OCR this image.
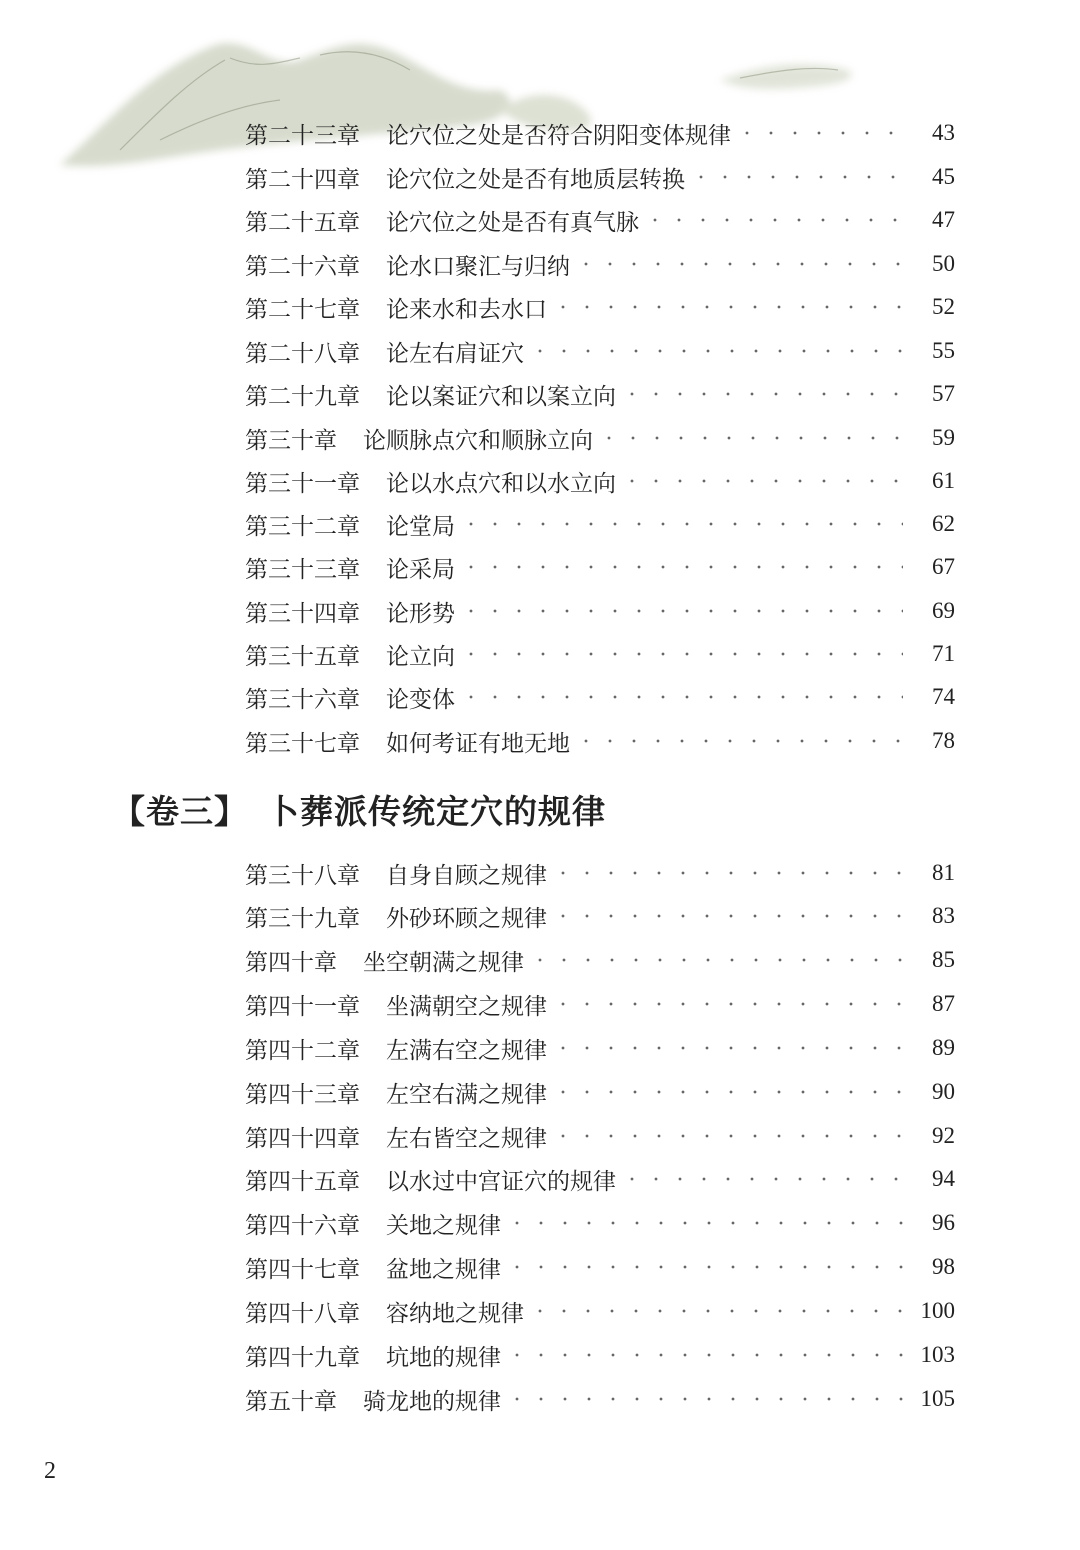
第二十三章 论穴位之处是否符合阴阳变体规律	43
第二十四章 论穴位之处是否有地质层转换	45
第二十五章 论穴位之处是否有真气脉	47
第二十六章 论水口聚汇与归纳	50
第二十七章 论来水和去水口	52
第二十八章 论左右肩证穴	55
第二十九章 论以案证穴和以案立向	57
第三十章 论顺脉点穴和顺脉立向	59
第三十一章 论以水点穴和以水立向	61
第三十二章 论堂局	62
第三十三章 论采局	67
第三十四章 论形势	69
第三十五章 论立向	71
第三十六章 论变体	74
第三十七章 如何考证有地无地	78
【卷三】 卜葬派传统定穴的规律
第三十八章 自身自顾之规律	81
第三十九章 外砂环顾之规律	83
第四十章 坐空朝满之规律	85
第四十一章 坐满朝空之规律	87
第四十二章 左满右空之规律	89
第四十三章 左空右满之规律	90
第四十四章 左右皆空之规律	92
第四十五章 以水过中宫证穴的规律	94
第四十六章 关地之规律	96
第四十七章 盆地之规律	98
第四十八章 容纳地之规律	100
第四十九章 坑地的规律	103
第五十章 骑龙地的规律	105
2
